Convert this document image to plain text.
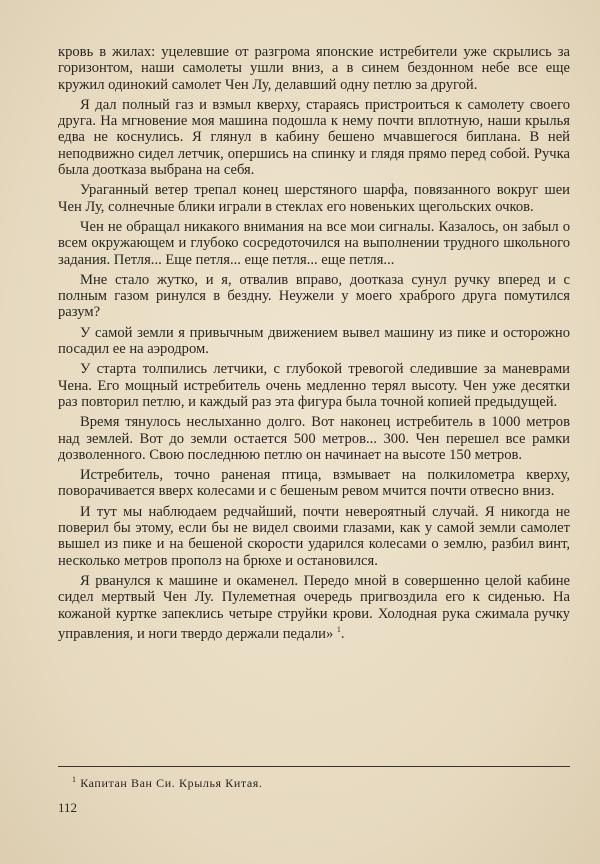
кровь в жилах: уцелевшие от разгрома японские истребители уже скрылись за горизонтом, наши самолеты ушли вниз, а в синем бездонном небе все еще кружил одинокий самолет Чен Лу, делавший одну петлю за другой.

Я дал полный газ и взмыл кверху, стараясь пристроиться к самолету своего друга. На мгновение моя машина подошла к нему почти вплотную, наши крылья едва не коснулись. Я глянул в кабину бешено мчавшегося биплана. В ней неподвижно сидел летчик, опершись на спинку и глядя прямо перед собой. Ручка была доотказа выбрана на себя.

Ураганный ветер трепал конец шерстяного шарфа, повязанного вокруг шеи Чен Лу, солнечные блики играли в стеклах его новеньких щегольских очков.

Чен не обращал никакого внимания на все мои сигналы. Казалось, он забыл о всем окружающем и глубоко сосредоточился на выполнении трудного школьного задания. Петля... Еще петля... еще петля... еще петля...

Мне стало жутко, и я, отвалив вправо, доотказа сунул ручку вперед и с полным газом ринулся в бездну. Неужели у моего храброго друга помутился разум?

У самой земли я привычным движением вывел машину из пике и осторожно посадил ее на аэродром.

У старта толпились летчики, с глубокой тревогой следившие за маневрами Чена. Его мощный истребитель очень медленно терял высоту. Чен уже десятки раз повторил петлю, и каждый раз эта фигура была точной копией предыдущей.

Время тянулось неслыханно долго. Вот наконец истребитель в 1000 метров над землей. Вот до земли остается 500 метров... 300. Чен перешел все рамки дозволенного. Свою последнюю петлю он начинает на высоте 150 метров.

Истребитель, точно раненая птица, взмывает на полкилометра кверху, поворачивается вверх колесами и с бешеным ревом мчится почти отвесно вниз.

И тут мы наблюдаем редчайший, почти невероятный случай. Я никогда не поверил бы этому, если бы не видел своими глазами, как у самой земли самолет вышел из пике и на бешеной скорости ударился колесами о землю, разбил винт, несколько метров прополз на брюхе и остановился.

Я рванулся к машине и окаменел. Передо мной в совершенно целой кабине сидел мертвый Чен Лу. Пулеметная очередь пригвоздила его к сиденью. На кожаной куртке запеклись четыре струйки крови. Холодная рука сжимала ручку управления, и ноги твердо держали педали» $^1$.

$^1$ Капитан Ван Си. Крылья Китая.
112
